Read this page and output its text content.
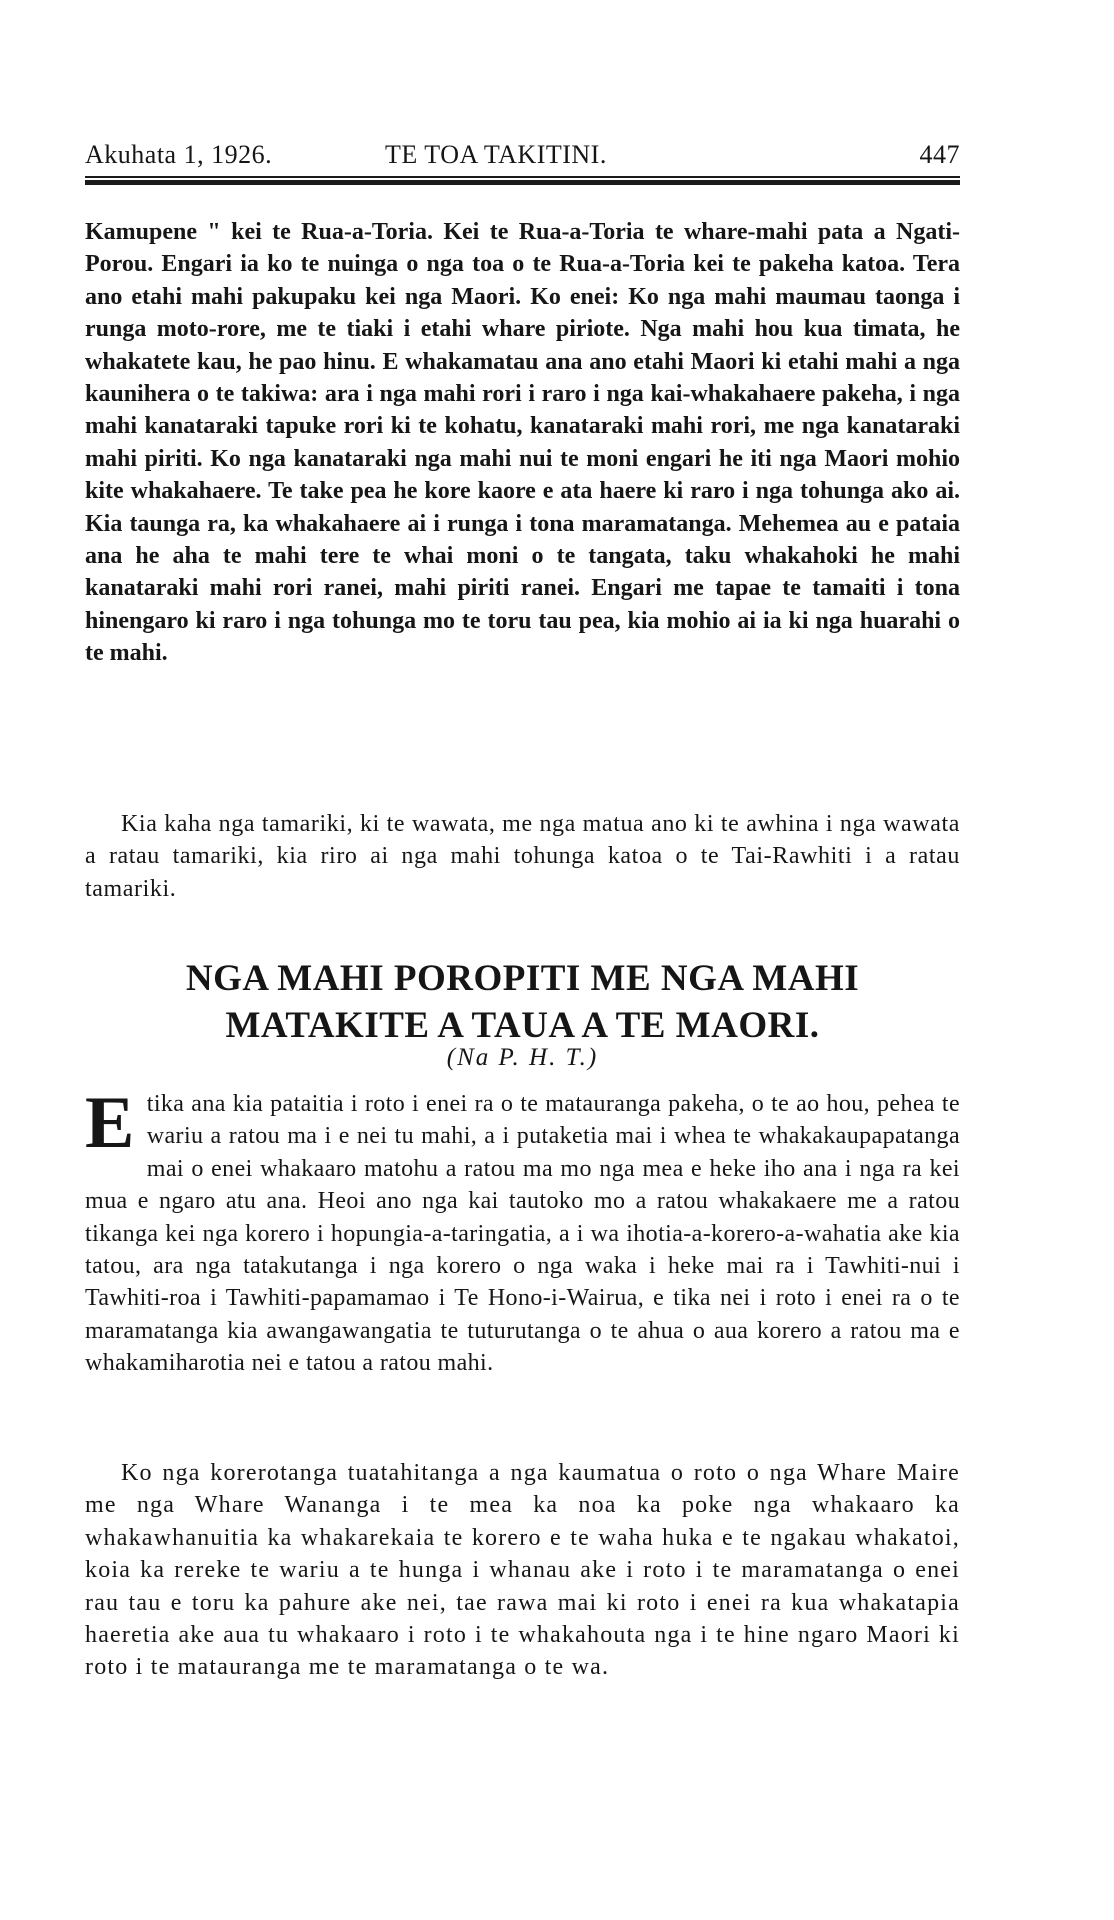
Akuhata 1, 1926.	TE TOA TAKITINI.	447

Kamupene " kei te Rua-a-Toria. Kei te Rua-a-Toria te whare-mahi pata a Ngati-Porou. Engari ia ko te nuinga o nga toa o te Rua-a-Toria kei te pakeha katoa. Tera ano etahi mahi pakupaku kei nga Maori. Ko enei: Ko nga mahi maumau taonga i runga moto-rore, me te tiaki i etahi whare piriote. Nga mahi hou kua timata, he whakatete kau, he pao hinu. E whakamatau ana ano etahi Maori ki etahi mahi a nga kaunihera o te takiwa: ara i nga mahi rori i raro i nga kai-whakahaere pakeha, i nga mahi kanataraki tapuke rori ki te kohatu, kanataraki mahi rori, me nga kanataraki mahi piriti. Ko nga kanataraki nga mahi nui te moni engari he iti nga Maori mohio kite whakahaere. Te take pea he kore kaore e ata haere ki raro i nga tohunga ako ai. Kia taunga ra, ka whakahaere ai i runga i tona maramatanga. Mehemea au e pataia ana he aha te mahi tere te whai moni o te tangata, taku whakahoki he mahi kanataraki mahi rori ranei, mahi piriti ranei. Engari me tapae te tamaiti i tona hinengaro ki raro i nga tohunga mo te toru tau pea, kia mohio ai ia ki nga huarahi o te mahi.

Kia kaha nga tamariki, ki te wawata, me nga matua ano ki te awhina i nga wawata a ratau tamariki, kia riro ai nga mahi tohunga katoa o te Tai-Rawhiti i a ratau tamariki.

NGA MAHI POROPITI ME NGA MAHI
MATAKITE A TAUA A TE MAORI.
(Na P. H. T.)

Etika ana kia pataitia i roto i enei ra o te matauranga pakeha, o te ao hou, pehea te wariu a ratou ma i e nei tu mahi, a i putaketia mai i whea te whakakaupapatanga mai o enei whakaaro matohu a ratou ma mo nga mea e heke iho ana i nga ra kei mua e ngaro atu ana. Heoi ano nga kai tautoko mo a ratou whakakaere me a ratou tikanga kei nga korero i hopungia-a-taringatia, a i wa ihotia-a-korero-a-wahatia ake kia tatou, ara nga tatakutanga i nga korero o nga waka i heke mai ra i Tawhiti-nui i Tawhiti-roa i Tawhiti-papamamao i Te Hono-i-Wairua, e tika nei i roto i enei ra o te maramatanga kia awangawangatia te tuturutanga o te ahua o aua korero a ratou ma e whakamiharotia nei e tatou a ratou mahi.

Ko nga korerotanga tuatahitanga a nga kaumatua o roto o nga Whare Maire me nga Whare Wananga i te mea ka noa ka poke nga whakaaro ka whakawhanuitia ka whakarekaia te korero e te waha huka e te ngakau whakatoi, koia ka rereke te wariu a te hunga i whanau ake i roto i te maramatanga o enei rau tau e toru ka pahure ake nei, tae rawa mai ki roto i enei ra kua whakatapia haeretia ake aua tu whakaaro i roto i te whakahouta nga i te hine ngaro Maori ki roto i te matauranga me te maramatanga o te wa.
